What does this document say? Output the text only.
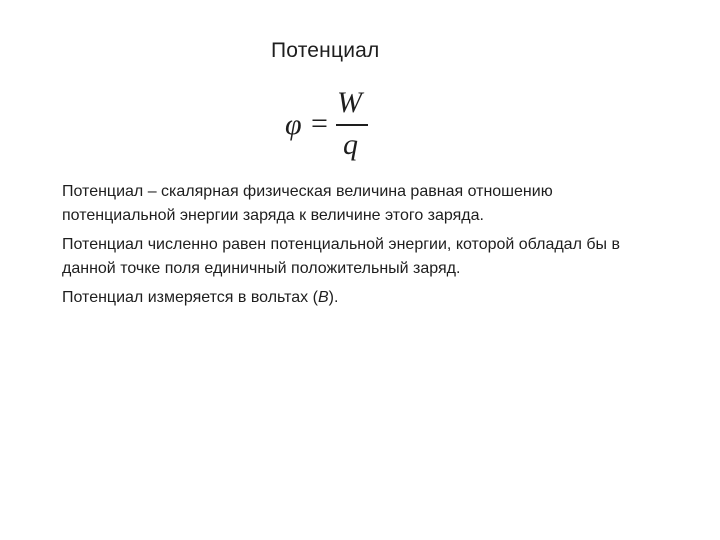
Потенциал
φ =
W
q

Потенциал – скалярная физическая величина равная отношению потенциальной энергии заряда к величине этого заряда.

Потенциал численно равен потенциальной энергии, которой обладал бы в данной точке поля единичный положительный заряд.

Потенциал измеряется в вольтах (В).
